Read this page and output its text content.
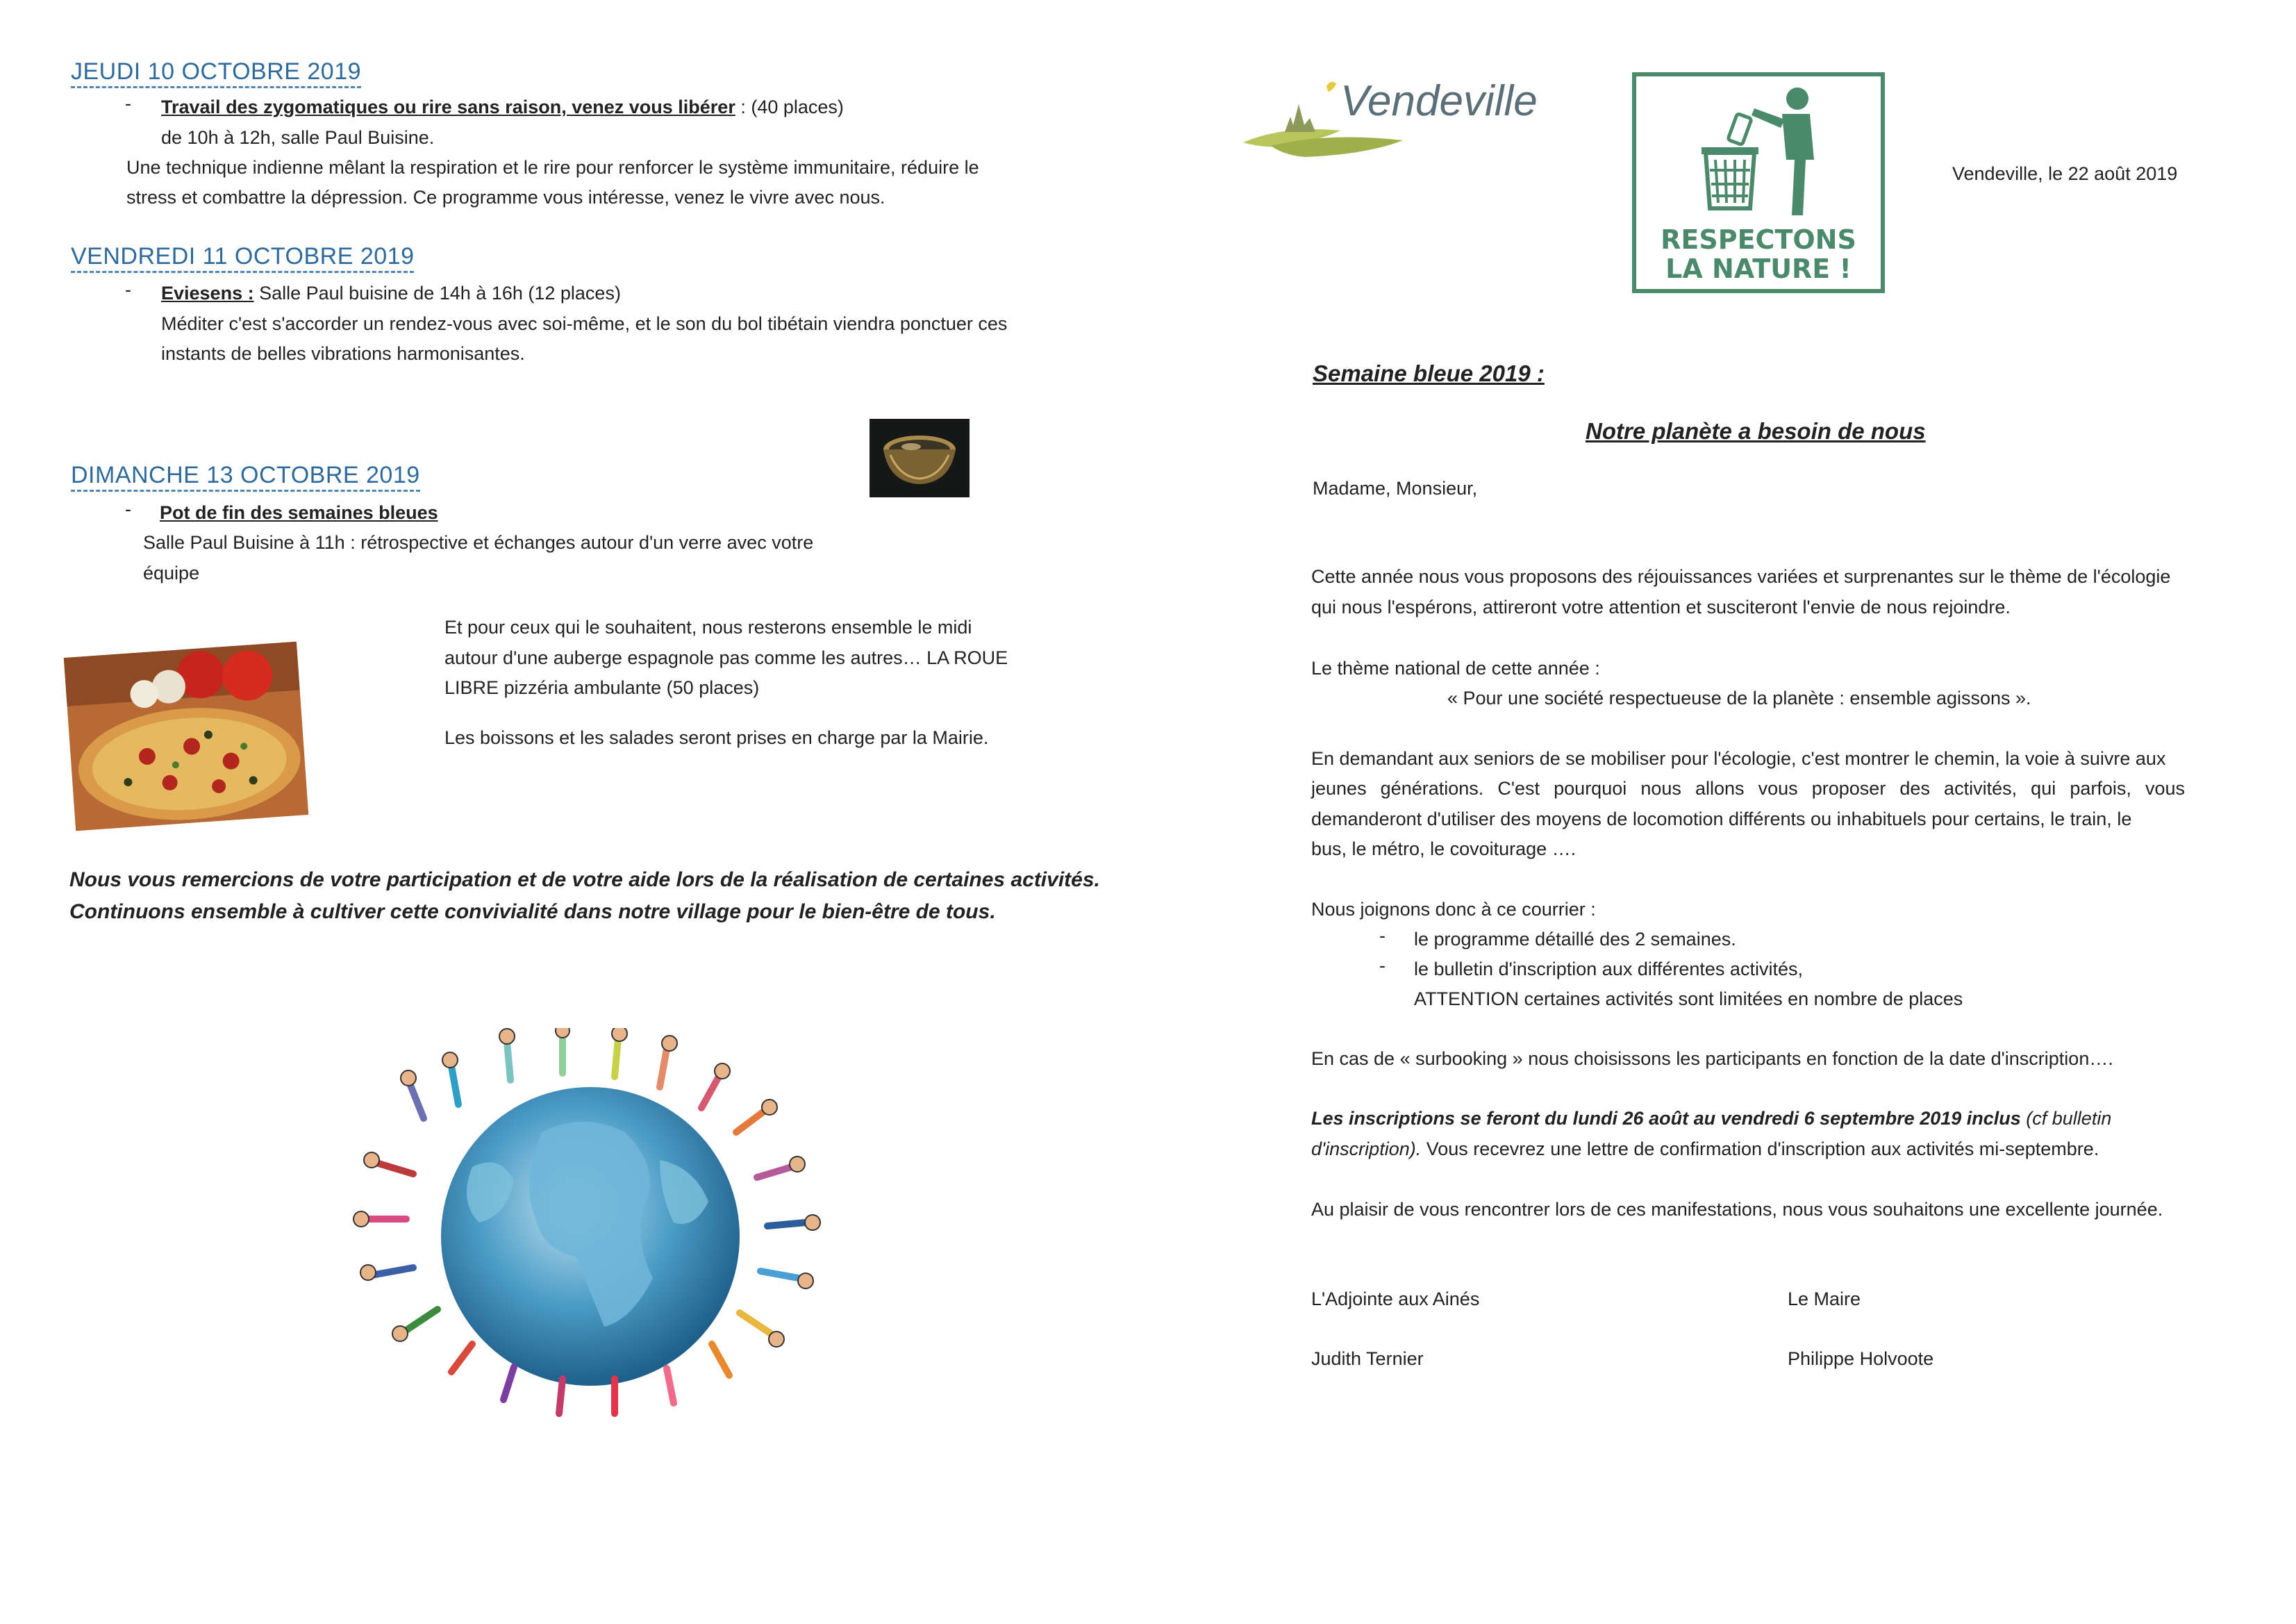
JEUDI 10 OCTOBRE 2019
- Travail des zygomatiques ou rire sans raison, venez vous libérer : (40 places)
de 10h à 12h, salle Paul Buisine.
Une technique indienne mêlant la respiration et le rire pour renforcer le système immunitaire, réduire le
stress et combattre la dépression. Ce programme vous intéresse, venez le vivre avec nous.
VENDREDI 11 OCTOBRE 2019
- Eviesens : Salle Paul buisine de 14h à 16h (12 places)
Méditer c'est s'accorder un rendez-vous avec soi-même, et le son du bol tibétain viendra ponctuer ces
instants de belles vibrations harmonisantes.
DIMANCHE 13 OCTOBRE 2019
- Pot de fin des semaines bleues
Salle Paul Buisine à 11h : rétrospective et échanges autour d'un verre avec votre
équipe
Et pour ceux qui le souhaitent, nous resterons ensemble le midi
autour d'une auberge espagnole pas comme les autres… LA ROUE
LIBRE pizzéria ambulante (50 places)
Les boissons et les salades seront prises en charge par la Mairie.
Nous vous remercions de votre participation et de votre aide lors de la réalisation de certaines activités.
Continuons ensemble à cultiver cette convivialité dans notre village pour le bien-être de tous.
Vendeville
RESPECTONS
LA NATURE !
Vendeville, le 22 août 2019
Semaine bleue 2019 :
Notre planète a besoin de nous
Madame, Monsieur,
Cette année nous vous proposons des réjouissances variées et surprenantes sur le thème de l'écologie
qui nous l'espérons, attireront votre attention et susciteront l'envie de nous rejoindre.
Le thème national de cette année :
« Pour une société respectueuse de la planète : ensemble agissons ».
En demandant aux seniors de se mobiliser pour l'écologie, c'est montrer le chemin, la voie à suivre aux
jeunes générations. C'est pourquoi nous allons vous proposer des activités, qui parfois, vous
demanderont d'utiliser des moyens de locomotion différents ou inhabituels pour certains, le train, le
bus, le métro, le covoiturage ….
Nous joignons donc à ce courrier :
- le programme détaillé des 2 semaines.
- le bulletin d'inscription aux différentes activités,
ATTENTION certaines activités sont limitées en nombre de places
En cas de « surbooking » nous choisissons les participants en fonction de la date d'inscription….
Les inscriptions se feront du lundi 26 août au vendredi 6 septembre 2019 inclus (cf bulletin
d'inscription). Vous recevrez une lettre de confirmation d'inscription aux activités mi-septembre.
Au plaisir de vous rencontrer lors de ces manifestations, nous vous souhaitons une excellente journée.
L'Adjointe aux Ainés
Judith Ternier
Le Maire
Philippe Holvoote
